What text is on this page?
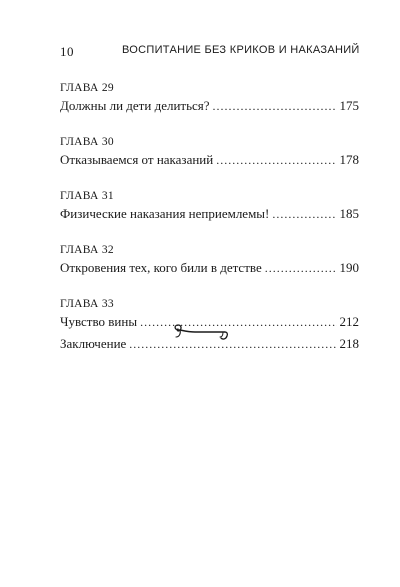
10	ВОСПИТАНИЕ БЕЗ КРИКОВ И НАКАЗАНИЙ
ГЛАВА 29
Должны ли дети делиться? . . .	175
ГЛАВА 30
Отказываемся от наказаний . . .	178
ГЛАВА 31
Физические наказания неприемлемы! . . .	185
ГЛАВА 32
Откровения тех, кого били в детстве . . .	190
ГЛАВА 33
Чувство вины . . .	212
Заключение . . .	218
